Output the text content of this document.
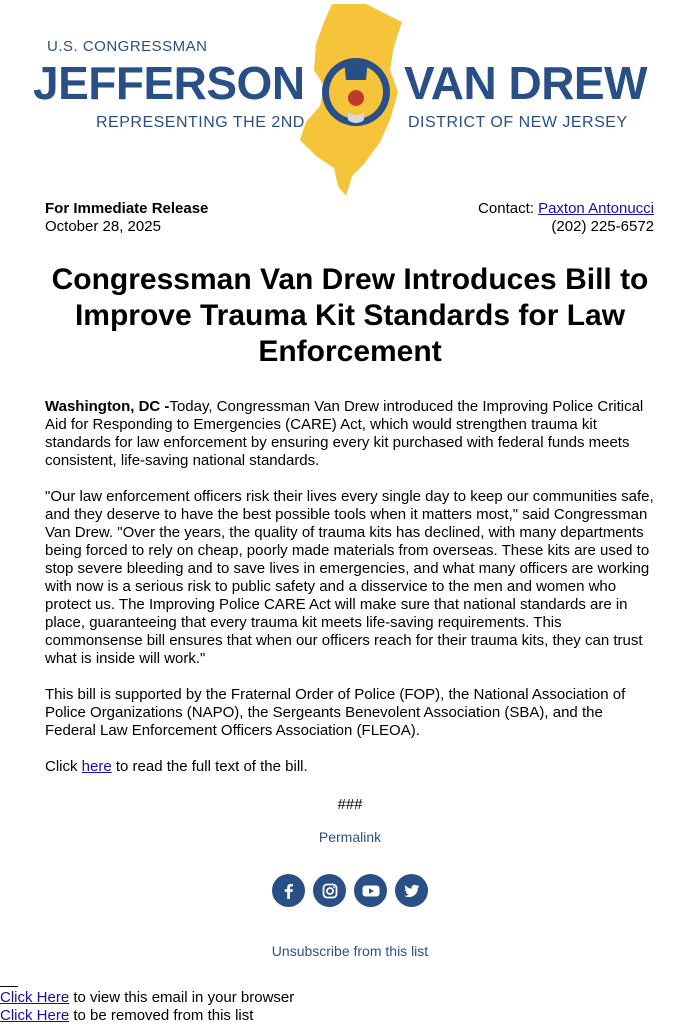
U.S. CONGRESSMAN
JEFFERSON VAN DREW
REPRESENTING THE 2ND	DISTRICT OF NEW JERSEY
For Immediate Release
October 28, 2025
Contact: Paxton Antonucci
(202) 225-6572
Congressman Van Drew Introduces Bill to Improve Trauma Kit Standards for Law Enforcement

Washington, DC -Today, Congressman Van Drew introduced the Improving Police Critical Aid for Responding to Emergencies (CARE) Act, which would strengthen trauma kit standards for law enforcement by ensuring every kit purchased with federal funds meets consistent, life-saving national standards.

"Our law enforcement officers risk their lives every single day to keep our communities safe, and they deserve to have the best possible tools when it matters most," said Congressman Van Drew. "Over the years, the quality of trauma kits has declined, with many departments being forced to rely on cheap, poorly made materials from overseas. These kits are used to stop severe bleeding and to save lives in emergencies, and what many officers are working with now is a serious risk to public safety and a disservice to the men and women who protect us. The Improving Police CARE Act will make sure that national standards are in place, guaranteeing that every trauma kit meets life-saving requirements. This commonsense bill ensures that when our officers reach for their trauma kits, they can trust what is inside will work."

This bill is supported by the Fraternal Order of Police (FOP), the National Association of Police Organizations (NAPO), the Sergeants Benevolent Association (SBA), and the Federal Law Enforcement Officers Association (FLEOA).

Click here to read the full text of the bill.

###
Permalink
Unsubscribe from this list
Click Here to view this email in your browser
Click Here to be removed from this list
